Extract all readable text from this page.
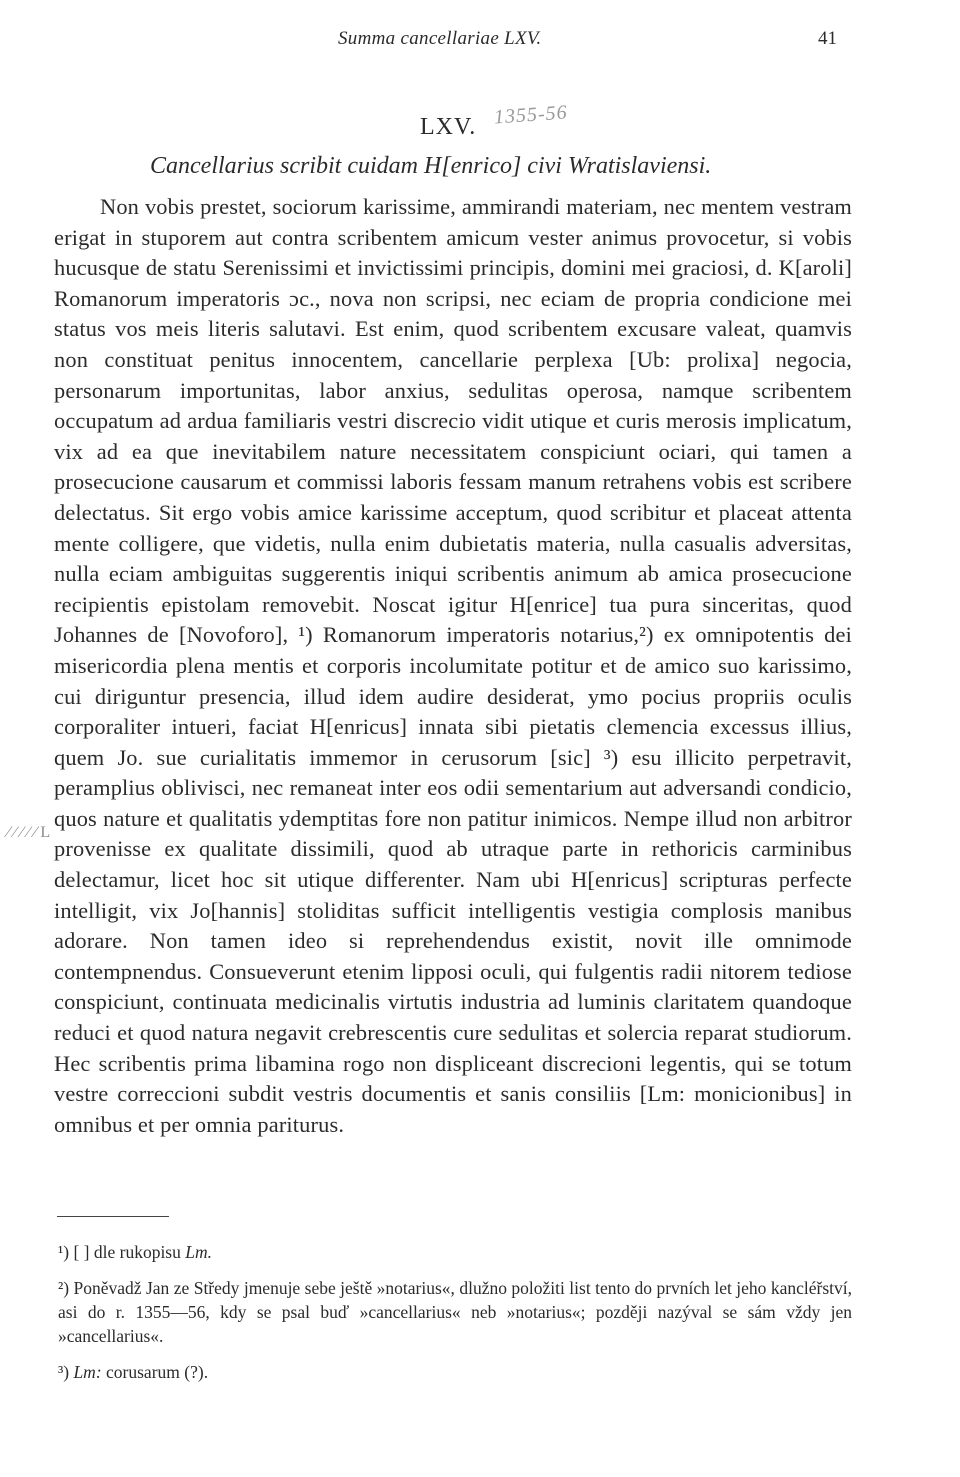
Summa cancellariae LXV.	41
LXV. 1355-56
Cancellarius scribit cuidam H[enrico] civi Wratislaviensi.
Non vobis prestet, sociorum karissime, ammirandi materiam, nec mentem vestram erigat in stuporem aut contra scribentem amicum vester animus provocetur, si vobis hucusque de statu Serenissimi et invictissimi principis, domini mei graciosi, d. K[aroli] Romanorum imperatoris ɔc., nova non scripsi, nec eciam de propria condicione mei status vos meis literis salutavi. Est enim, quod scribentem excusare valeat, quamvis non constituat penitus innocentem, cancellarie perplexa [Ub: prolixa] negocia, personarum importunitas, labor anxius, sedulitas operosa, namque scribentem occupatum ad ardua familiaris vestri discrecio vidit utique et curis merosis implicatum, vix ad ea que inevitabilem nature necessitatem conspiciunt ociari, qui tamen a prosecucione causarum et commissi laboris fessam manum retrahens vobis est scribere delectatus. Sit ergo vobis amice karissime acceptum, quod scribitur et placeat attenta mente colligere, que videtis, nulla enim dubietatis materia, nulla casualis adversitas, nulla eciam ambiguitas suggerentis iniqui scribentis animum ab amica prosecucione recipientis epistolam removebit. Noscat igitur H[enrice] tua pura sinceritas, quod Johannes de [Novoforo], ¹) Romanorum imperatoris notarius,²) ex omnipotentis dei misericordia plena mentis et corporis incolumitate potitur et de amico suo karissimo, cui diriguntur presencia, illud idem audire desiderat, ymo pocius propriis oculis corporaliter intueri, faciat H[enricus] innata sibi pietatis clemencia excessus illius, quem Jo. sue curialitatis immemor in cerusorum [sic] ³) esu illicito perpetravit, peramplius oblivisci, nec remaneat inter eos odii sementarium aut adversandi condicio, quos nature et qualitatis ydemptitas fore non patitur inimicos. Nempe illud non arbitror provenisse ex qualitate dissimili, quod ab utraque parte in rethoricis carminibus delectamur, licet hoc sit utique differenter. Nam ubi H[enricus] scripturas perfecte intelligit, vix Jo[hannis] stoliditas sufficit intelligentis vestigia complosis manibus adorare. Non tamen ideo si reprehendendus existit, novit ille omnimode contempnendus. Consueverunt etenim lipposi oculi, qui fulgentis radii nitorem tediose conspiciunt, continuata medicinalis virtutis industria ad luminis claritatem quandoque reduci et quod natura negavit crebrescentis cure sedulitas et solercia reparat studiorum. Hec scribentis prima libamina rogo non displiceant discrecioni legentis, qui se totum vestre correccioni subdit vestris documentis et sanis consiliis [Lm: monicionibus] in omnibus et per omnia pariturus.
⁄ ⁄ ⁄ ⁄ ⁄ L
¹) [ ] dle rukopisu Lm.
²) Poněvadž Jan ze Středy jmenuje sebe ještě »notarius«, dlužno položiti list tento do prvních let jeho kancléřství, asi do r. 1355—56, kdy se psal buď »cancellarius« neb »notarius«; později nazýval se sám vždy jen »cancellarius«.
³) Lm: corusarum (?).
